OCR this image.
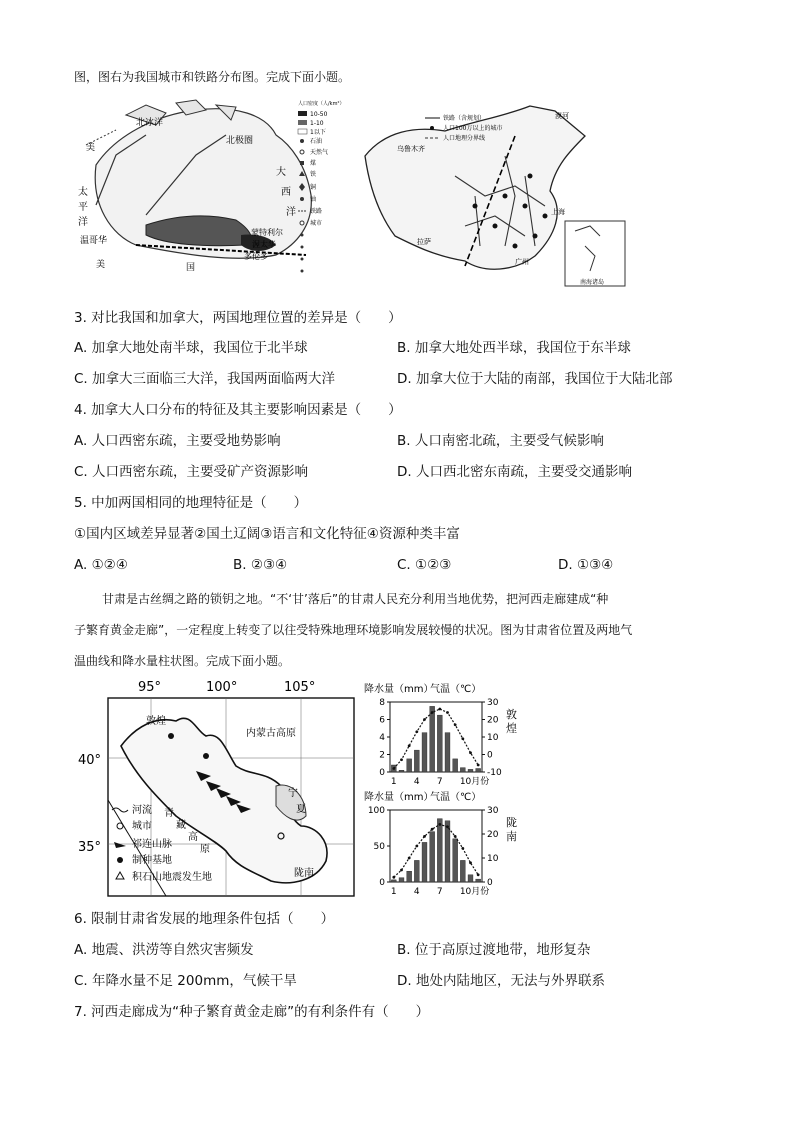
图，图右为我国城市和铁路分布图。完成下面小题。
北冰洋
北极圈
大
西
洋
太
平
洋
温哥华
蒙特利尔
渥太华
多伦多
美
国
美
人口密度（人/km²）
10-50
1-10
1以下
石油
天然气
煤
铁
铜
铀
铁路
城市
南海诸岛
漠河
乌鲁木齐
拉萨
上海
广州
铁路（含规划）
人口100万以上的城市
人口地理分界线
3. 对比我国和加拿大，两国地理位置的差异是（　　）
A. 加拿大地处南半球，我国位于北半球	B. 加拿大地处西半球，我国位于东半球
C. 加拿大三面临三大洋，我国两面临两大洋	D. 加拿大位于大陆的南部，我国位于大陆北部
4. 加拿大人口分布的特征及其主要影响因素是（　　）
A. 人口西密东疏，主要受地势影响	B. 人口南密北疏，主要受气候影响
C. 人口西密东疏，主要受矿产资源影响	D. 人口西北密东南疏，主要受交通影响
5. 中加两国相同的地理特征是（　　）
①国内区域差异显著②国土辽阔③语言和文化特征④资源种类丰富
A. ①②④	B. ②③④	C. ①②③	D. ①③④
甘肃是古丝绸之路的锁钥之地。“不‘甘’落后”的甘肃人民充分利用当地优势，把河西走廊建成“种
子繁育黄金走廊”，一定程度上转变了以往受特殊地理环境影响发展较慢的状况。图为甘肃省位置及两地气
温曲线和降水量柱状图。完成下面小题。
95°	100°	105°
40°
35°
敦煌
内蒙古高原
青
藏
高
原
陇南
宁
夏
河流
城市
祁连山脉
制种基地
积石山地震发生地
降水量（mm）
气温（℃）
0
2
4
6
8
-10
0
10
20
30
1 4 7 10月份
敦
煌
降水量（mm）
气温（℃）
0
50
100
0
10
20
30
1 4 7 10月份
陇
南
6. 限制甘肃省发展的地理条件包括（　　）
A. 地震、洪涝等自然灾害频发	B. 位于高原过渡地带，地形复杂
C. 年降水量不足 200mm，气候干旱	D. 地处内陆地区，无法与外界联系
7. 河西走廊成为“种子繁育黄金走廊”的有利条件有（　　）
